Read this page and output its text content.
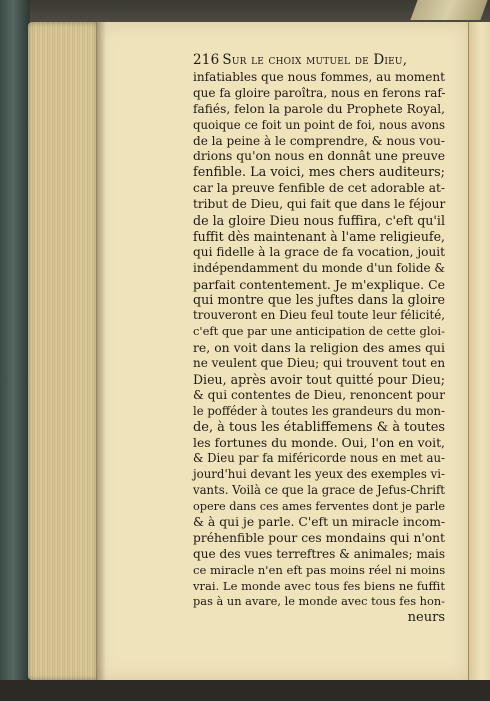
216 Sur le choix mutuel de Dieu,
infatiables que nous fommes, au moment
que fa gloire paroîtra, nous en ferons raf-
fafiés, felon la parole du Prophete Royal,
quoique ce foit un point de foi, nous avons
de la peine à le comprendre, & nous vou-
drions qu'on nous en donnât une preuve
fenfible. La voici, mes chers auditeurs;
car la preuve fenfible de cet adorable at-
tribut de Dieu, qui fait que dans le féjour
de la gloire Dieu nous fuffira, c'eft qu'il
fuffit dès maintenant à l'ame religieufe,
qui fidelle à la grace de fa vocation, jouit
indépendamment du monde d'un folide &
parfait contentement. Je m'explique. Ce
qui montre que les juftes dans la gloire
trouveront en Dieu feul toute leur félicité,
c'eft que par une anticipation de cette gloi-
re, on voit dans la religion des ames qui
ne veulent que Dieu; qui trouvent tout en
Dieu, après avoir tout quitté pour Dieu;
& qui contentes de Dieu, renoncent pour
le pofféder à toutes les grandeurs du mon-
de, à tous les établiffemens & à toutes
les fortunes du monde. Oui, l'on en voit,
& Dieu par fa miféricorde nous en met au-
jourd'hui devant les yeux des exemples vi-
vants. Voilà ce que la grace de Jefus-Chrift
opere dans ces ames ferventes dont je parle
& à qui je parle. C'eft un miracle incom-
préhenfible pour ces mondains qui n'ont
que des vues terreftres & animales; mais
ce miracle n'en eft pas moins réel ni moins
vrai. Le monde avec tous fes biens ne fuffit
pas à un avare, le monde avec tous fes hon-
neurs
